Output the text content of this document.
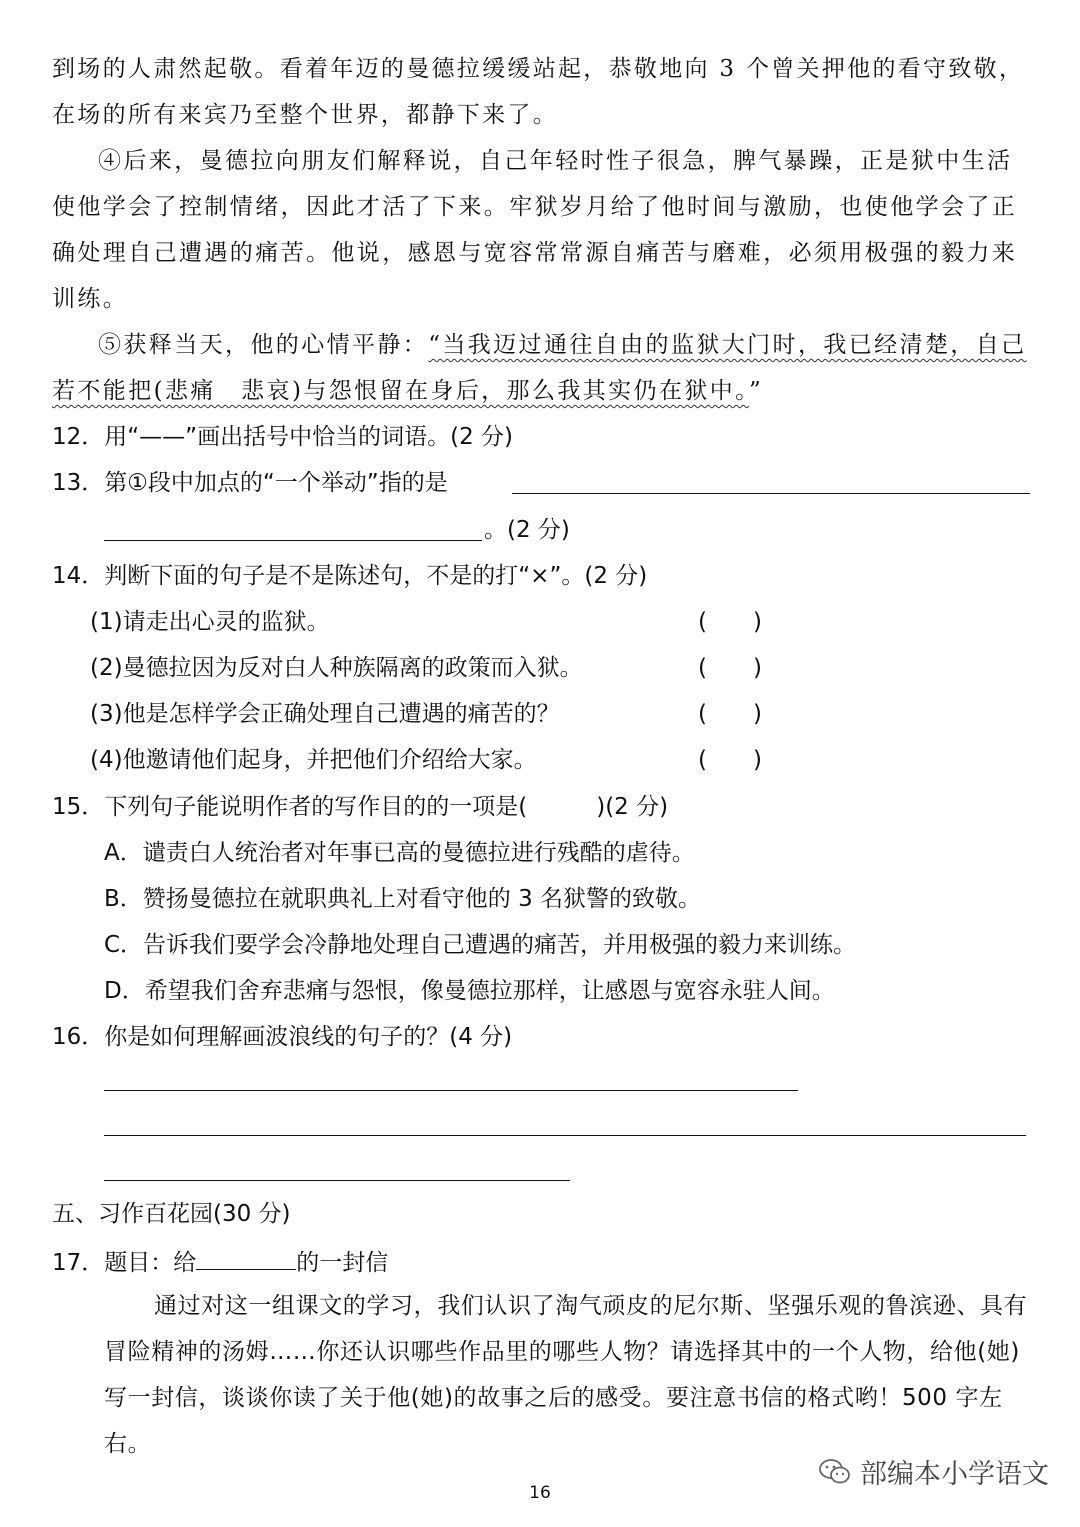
到场的人肃然起敬。看着年迈的曼德拉缓缓站起，恭敬地向 3 个曾关押他的看守致敬，
在场的所有来宾乃至整个世界，都静下来了。
④后来，曼德拉向朋友们解释说，自己年轻时性子很急，脾气暴躁，正是狱中生活使他学会了控制情绪，因此才活了下来。牢狱岁月给了他时间与激励，也使他学会了正确处理自己遭遇的痛苦。他说，感恩与宽容常常源自痛苦与磨难，必须用极强的毅力来训练。
⑤获释当天，他的心情平静：“当我迈过通往自由的监狱大门时，我已经清楚，自己若不能把(悲痛　悲哀)与怨恨留在身后，那么我其实仍在狱中。”
12．用“——”画出括号中恰当的词语。(2 分)
13．第①段中加点的“一个举动”指的是
。(2 分)
14．判断下面的句子是不是陈述句，不是的打“×”。(2 分)
(1)请走出心灵的监狱。	(　　)
(2)曼德拉因为反对白人种族隔离的政策而入狱。	(　　)
(3)他是怎样学会正确处理自己遭遇的痛苦的？	(　　)
(4)他邀请他们起身，并把他们介绍给大家。	(　　)
15．下列句子能说明作者的写作目的的一项是(　　　)(2 分)
A．谴责白人统治者对年事已高的曼德拉进行残酷的虐待。
B．赞扬曼德拉在就职典礼上对看守他的 3 名狱警的致敬。
C．告诉我们要学会冷静地处理自己遭遇的痛苦，并用极强的毅力来训练。
D．希望我们舍弃悲痛与怨恨，像曼德拉那样，让感恩与宽容永驻人间。
16．你是如何理解画波浪线的句子的？(4 分)
五、习作百花园(30 分)
17．题目：给	的一封信
通过对这一组课文的学习，我们认识了淘气顽皮的尼尔斯、坚强乐观的鲁滨逊、具有冒险精神的汤姆……你还认识哪些作品里的哪些人物？请选择其中的一个人物，给他(她)写一封信，谈谈你读了关于他(她)的故事之后的感受。要注意书信的格式哟！500 字左右。
部编本小学语文
16
